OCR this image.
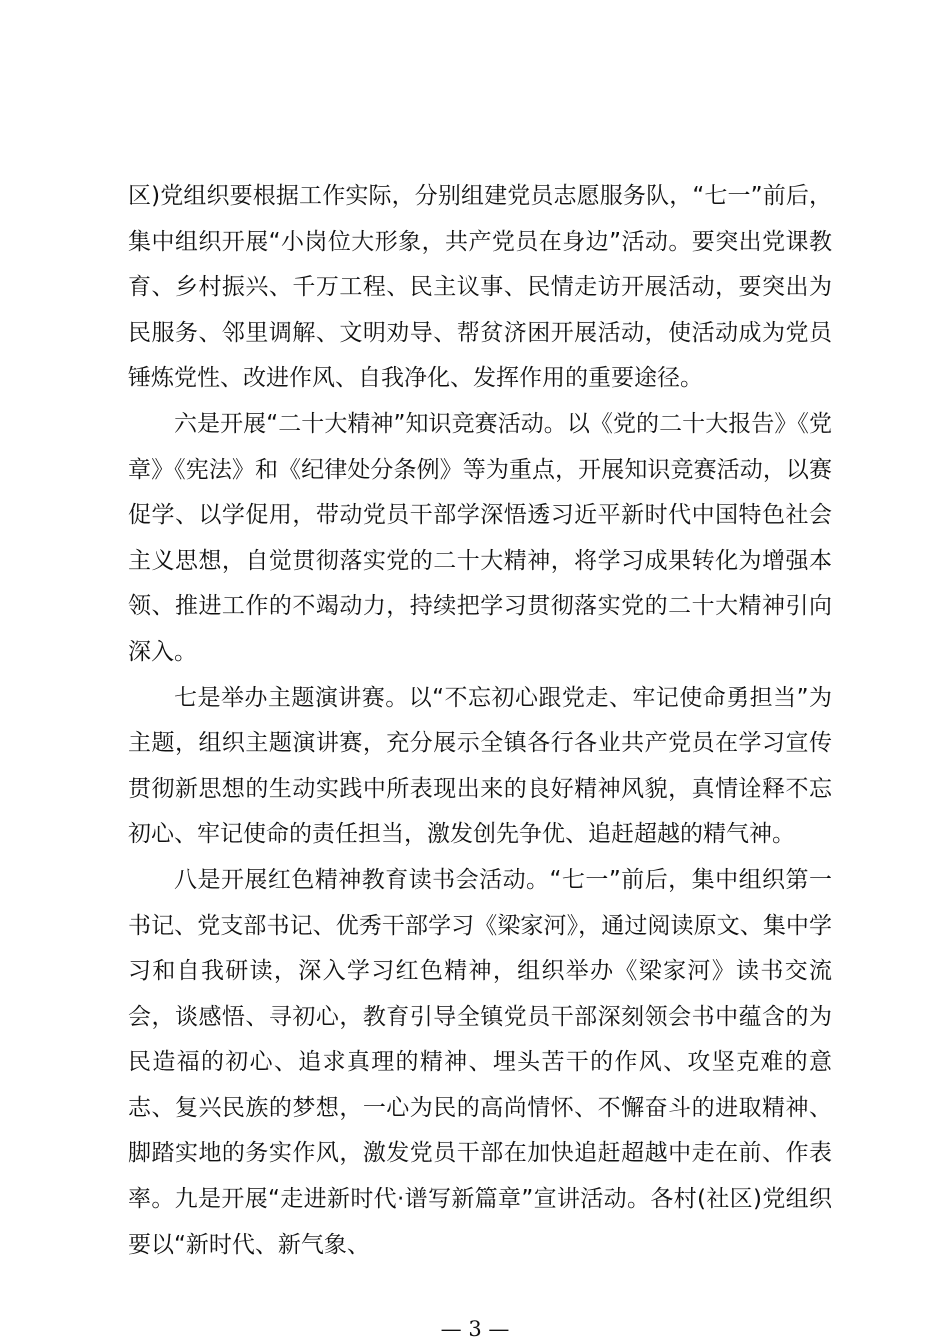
区)党组织要根据工作实际，分别组建党员志愿服务队，“七一”前后，集中组织开展“小岗位大形象，共产党员在身边”活动。要突出党课教育、乡村振兴、千万工程、民主议事、民情走访开展活动，要突出为民服务、邻里调解、文明劝导、帮贫济困开展活动，使活动成为党员锤炼党性、改进作风、自我净化、发挥作用的重要途径。

六是开展“二十大精神”知识竞赛活动。以《党的二十大报告》《党章》《宪法》和《纪律处分条例》等为重点，开展知识竞赛活动，以赛促学、以学促用，带动党员干部学深悟透习近平新时代中国特色社会主义思想，自觉贯彻落实党的二十大精神，将学习成果转化为增强本领、推进工作的不竭动力，持续把学习贯彻落实党的二十大精神引向深入。

七是举办主题演讲赛。以“不忘初心跟党走、牢记使命勇担当”为主题，组织主题演讲赛，充分展示全镇各行各业共产党员在学习宣传贯彻新思想的生动实践中所表现出来的良好精神风貌，真情诠释不忘初心、牢记使命的责任担当，激发创先争优、追赶超越的精气神。

八是开展红色精神教育读书会活动。“七一”前后，集中组织第一书记、党支部书记、优秀干部学习《梁家河》，通过阅读原文、集中学习和自我研读，深入学习红色精神，组织举办《梁家河》读书交流会，谈感悟、寻初心，教育引导全镇党员干部深刻领会书中蕴含的为民造福的初心、追求真理的精神、埋头苦干的作风、攻坚克难的意志、复兴民族的梦想，一心为民的高尚情怀、不懈奋斗的进取精神、脚踏实地的务实作风，激发党员干部在加快追赶超越中走在前、作表率。九是开展“走进新时代·谱写新篇章”宣讲活动。各村(社区)党组织要以“新时代、新气象、

— 3 —
